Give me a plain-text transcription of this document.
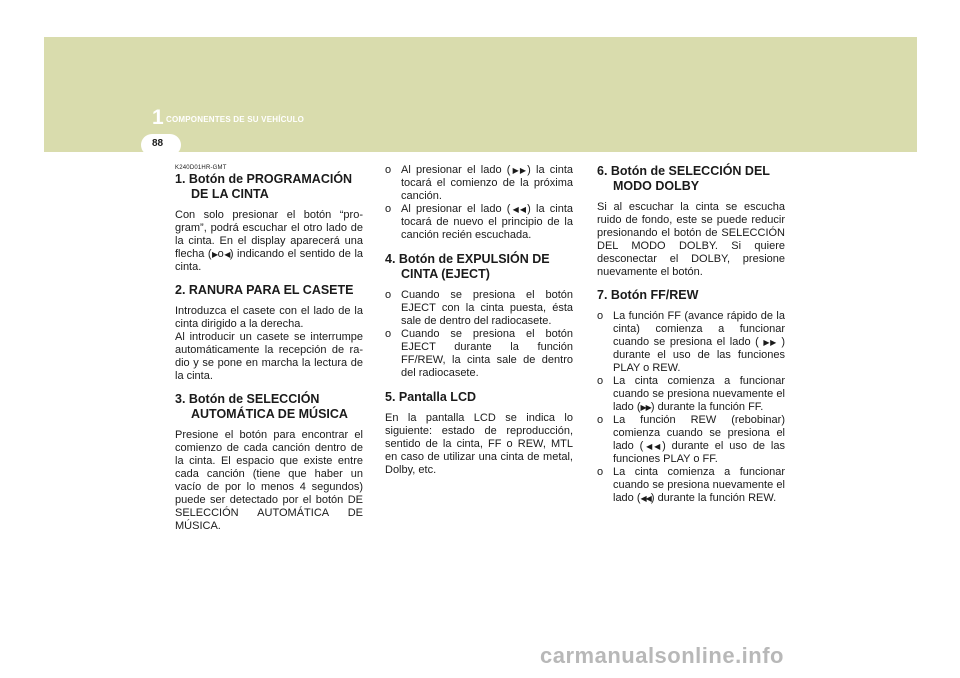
1 COMPONENTES DE SU VEHÍCULO
88
K240D01HR-GMT
1. Botón de PROGRAMACIÓN
DE LA CINTA

Con solo presionar el botón “pro-gram”, podrá escuchar el otro lado de la cinta. En el display aparecerá una flecha (▶o◀) indicando el sentido de la cinta.

2. RANURA PARA EL CASETE

Introduzca el casete con el lado de la cinta dirigido a la derecha.

Al introducir un casete se interrumpe automáticamente la recepción de ra-dio y se pone en marcha la lectura de la cinta.

3. Botón de SELECCIÓN
AUTOMÁTICA DE MÚSICA

Presione el botón para encontrar el comienzo de cada canción dentro de la cinta. El espacio que existe entre cada canción (tiene que haber un vacío de por lo menos 4 segundos) puede ser detectado por el botón DE SELECCIÓN AUTOMÁTICA DE MÚSICA.

o Al presionar el lado (▶▶) la cinta tocará el comienzo de la próxima canción.
o Al presionar el lado (◀◀) la cinta tocará de nuevo el principio de la canción recién escuchada.
4. Botón de EXPULSIÓN DE
CINTA (EJECT)
o Cuando se presiona el botón EJECT con la cinta puesta, ésta sale de dentro del radiocasete.
o Cuando se presiona el botón EJECT durante la función FF/REW, la cinta sale de dentro del radiocasete.
5. Pantalla LCD

En la pantalla LCD se indica lo siguiente: estado de reproducción, sentido de la cinta, FF o REW, MTL en caso de utilizar una cinta de metal, Dolby, etc.

6. Botón de SELECCIÓN DEL
MODO DOLBY

Si al escuchar la cinta se escucha ruido de fondo, este se puede reducir presionando el botón de SELECCIÓN DEL MODO DOLBY. Si quiere desconectar el DOLBY, presione nuevamente el botón.

7. Botón FF/REW
o La función FF (avance rápido de la cinta) comienza a funcionar cuando se presiona el lado ( ▶▶ ) durante el uso de las funciones PLAY o REW.
o La cinta comienza a funcionar cuando se presiona nuevamente el lado (▶▶) durante la función FF.
o La función REW (rebobinar) comienza cuando se presiona el lado (◀◀) durante el uso de las funciones PLAY o FF.
o La cinta comienza a funcionar cuando se presiona nuevamente el lado (◀◀) durante la función REW.
carmanualsonline.info
